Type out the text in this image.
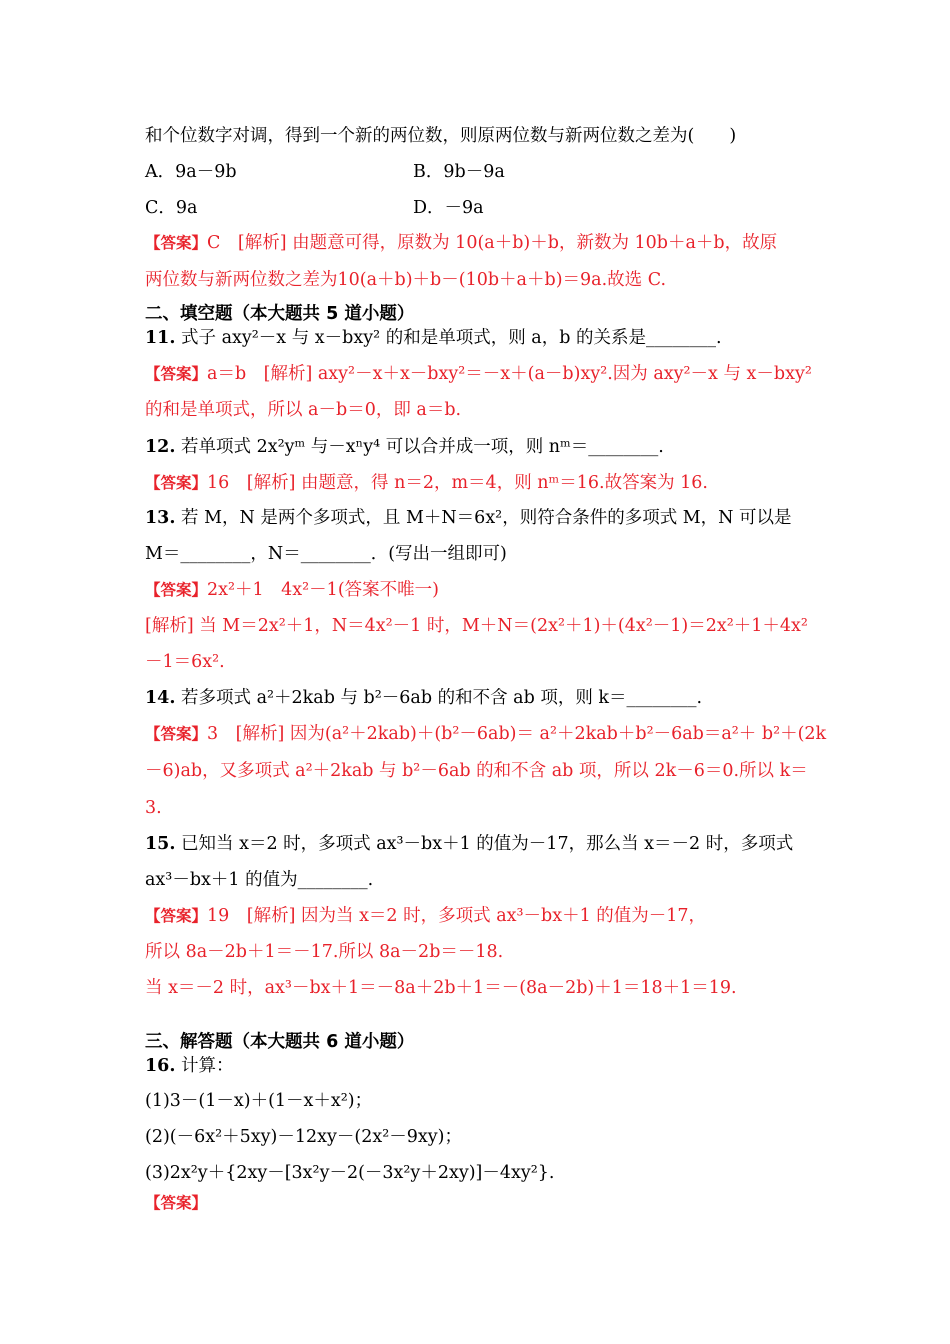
和个位数字对调，得到一个新的两位数，则原两位数与新两位数之差为(　　)
A．9a－9b	B．9b－9a
C．9a	D．－9a
【答案】C　[解析] 由题意可得，原数为 10(a＋b)＋b，新数为 10b＋a＋b，故原
两位数与新两位数之差为10(a＋b)＋b－(10b＋a＋b)＝9a.故选 C.
二、填空题（本大题共 5 道小题）
11. 式子 axy²－x 与 x－bxy² 的和是单项式，则 a，b 的关系是________.
【答案】a＝b　[解析] axy²－x＋x－bxy²＝－x＋(a－b)xy².因为 axy²－x 与 x－bxy²
的和是单项式，所以 a－b＝0，即 a＝b.
12. 若单项式 2x²yᵐ 与－xⁿy⁴ 可以合并成一项，则 nᵐ＝________.
【答案】16　[解析] 由题意，得 n＝2，m＝4，则 nᵐ＝16.故答案为 16.
13. 若 M，N 是两个多项式，且 M＋N＝6x²，则符合条件的多项式 M，N 可以是
M＝________，N＝________．(写出一组即可)
【答案】2x²＋1　4x²－1(答案不唯一)
[解析] 当 M＝2x²＋1，N＝4x²－1 时，M＋N＝(2x²＋1)＋(4x²－1)＝2x²＋1＋4x²
－1＝6x².
14. 若多项式 a²＋2kab 与 b²－6ab 的和不含 ab 项，则 k＝________.
【答案】3　[解析] 因为(a²＋2kab)＋(b²－6ab)＝ a²＋2kab＋b²－6ab＝a²＋ b²＋(2k
－6)ab，又多项式 a²＋2kab 与 b²－6ab 的和不含 ab 项，所以 2k－6＝0.所以 k＝
3.
15. 已知当 x＝2 时，多项式 ax³－bx＋1 的值为－17，那么当 x＝－2 时，多项式
ax³－bx＋1 的值为________.
【答案】19　[解析] 因为当 x＝2 时，多项式 ax³－bx＋1 的值为－17，
所以 8a－2b＋1＝－17.所以 8a－2b＝－18.
当 x＝－2 时，ax³－bx＋1＝－8a＋2b＋1＝－(8a－2b)＋1＝18＋1＝19.
三、解答题（本大题共 6 道小题）
16. 计算：
(1)3－(1－x)＋(1－x＋x²)；
(2)(－6x²＋5xy)－12xy－(2x²－9xy)；
(3)2x²y＋{2xy－[3x²y－2(－3x²y＋2xy)]－4xy²}.
【答案】
